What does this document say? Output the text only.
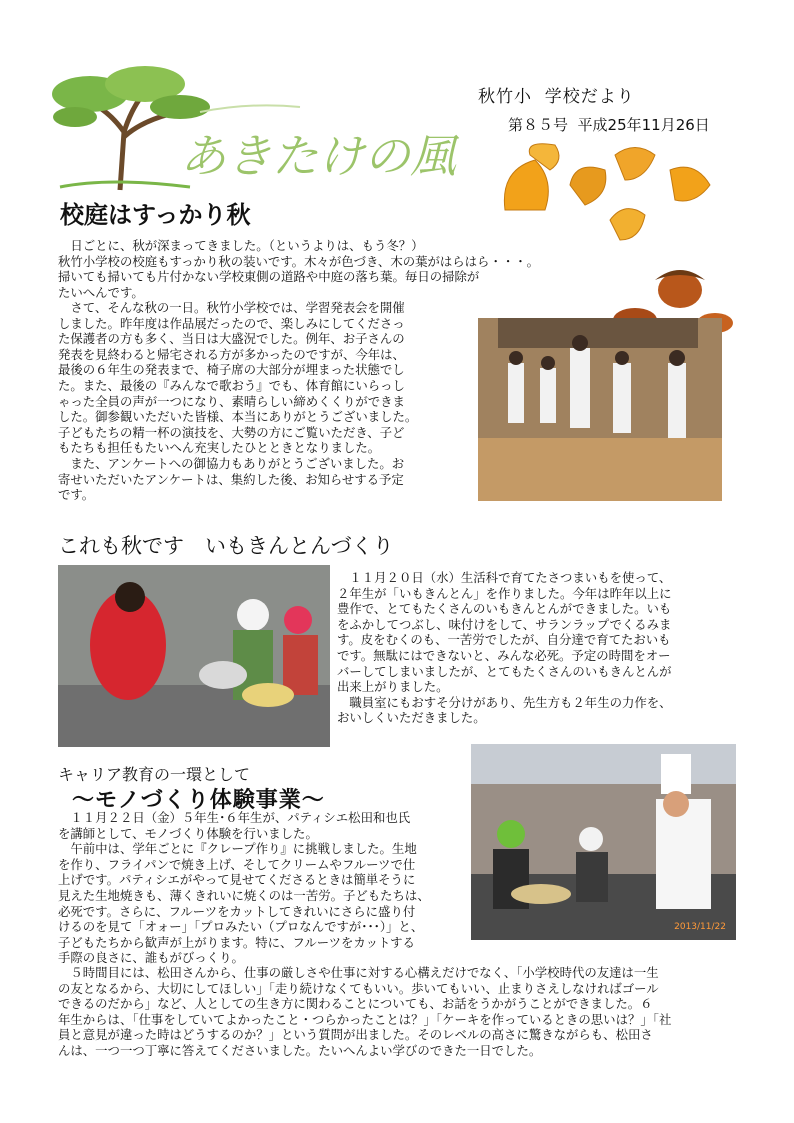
あきたけの風
秋竹小  学校だより
第８５号  平成25年11月26日
校庭はすっかり秋
　日ごとに、秋が深まってきました。（というよりは、もう冬？）
秋竹小学校の校庭もすっかり秋の装いです。木々が色づき、木の葉がはらはら・・・。
掃いても掃いても片付かない学校東側の道路や中庭の落ち葉。毎日の掃除が
たいへんです。
　さて、そんな秋の一日。秋竹小学校では、学習発表会を開催
しました。昨年度は作品展だったので、楽しみにしてくださっ
た保護者の方も多く、当日は大盛況でした。例年、お子さんの
発表を見終わると帰宅される方が多かったのですが、今年は、
最後の６年生の発表まで、椅子席の大部分が埋まった状態でし
た。また、最後の『みんなで歌おう』でも、体育館にいらっし
ゃった全員の声が一つになり、素晴らしい締めくくりができま
した。御参観いただいた皆様、本当にありがとうございました。
子どもたちの精一杯の演技を、大勢の方にご覧いただき、子ど
もたちも担任もたいへん充実したひとときとなりました。
　また、アンケートへの御協力もありがとうございました。お
寄せいただいたアンケートは、集約した後、お知らせする予定
です。
これも秋です　いもきんとんづくり
　１１月２０日（水）生活科で育てたさつまいもを使って、
２年生が「いもきんとん」を作りました。今年は昨年以上に
豊作で、とてもたくさんのいもきんとんができました。いも
をふかしてつぶし、味付けをして、サランラップでくるみま
す。皮をむくのも、一苦労でしたが、自分達で育てたおいも
です。無駄にはできないと、みんな必死。予定の時間をオー
バーしてしまいましたが、とてもたくさんのいもきんとんが
出来上がりました。
　職員室にもおすそ分けがあり、先生方も２年生の力作を、
おいしくいただきました。
キャリア教育の一環として
～モノづくり体験事業～
　１１月２２日（金）５年生･６年生が、パティシエ松田和也氏
を講師として、モノづくり体験を行いました。
　午前中は、学年ごとに『クレープ作り』に挑戦しました。生地
を作り、フライパンで焼き上げ、そしてクリームやフルーツで仕
上げです。パティシエがやって見せてくださるときは簡単そうに
見えた生地焼きも、薄くきれいに焼くのは一苦労。子どもたちは、
必死です。さらに、フルーツをカットしてきれいにさらに盛り付
けるのを見て「オォー」「プロみたい（プロなんですが･･･）」と、
子どもたちから歓声が上がります。特に、フルーツをカットする
手際の良さに、誰もがびっくり。
2013/11/22
　５時間目には、松田さんから、仕事の厳しさや仕事に対する心構えだけでなく、「小学校時代の友達は一生
の友となるから、大切にしてほしい」「走り続けなくてもいい。歩いてもいい、止まりさえしなければゴール
できるのだから」など、人としての生き方に関わることについても、お話をうかがうことができました。６
年生からは、｢仕事をしていてよかったこと・つらかったことは？」｢ケーキを作っているときの思いは？」｢社
員と意見が違った時はどうするのか？」という質問が出ました。そのレベルの高さに驚きながらも、松田さ
んは、一つ一つ丁寧に答えてくださいました。たいへんよい学びのできた一日でした。
